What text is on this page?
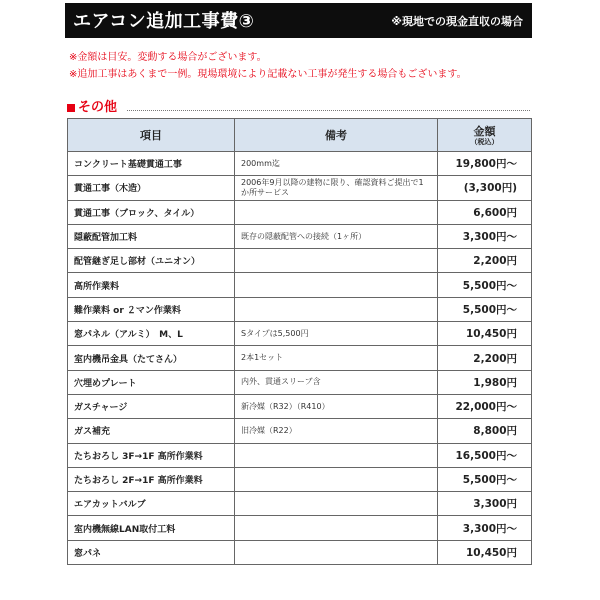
エアコン追加工事費③	※現地での現金直収の場合
※金額は目安。変動する場合がございます。
※追加工事はあくまで一例。現場環境により記載ない工事が発生する場合もございます。
その他
項目	備考	金額
（税込）

コンクリート基礎貫通工事	200mm迄	19,800円～
貫通工事（木造）	2006年9月以降の建物に限り、確認資料ご提出で1か所サービス	(3,300円)
貫通工事（ブロック、タイル）		6,600円
隠蔽配管加工料	既存の隠蔽配管への接続（1ヶ所）	3,300円～
配管継ぎ足し部材（ユニオン）		2,200円
高所作業料		5,500円～
難作業料 or ２マン作業料		5,500円～
窓パネル（アルミ）　M、L	Sタイプは5,500円	10,450円
室内機吊金具（たてさん）	2本1セット	2,200円
穴埋めプレート	内外、貫通スリーブ含	1,980円
ガスチャージ	新冷媒（R32）（R410）	22,000円～
ガス補充	旧冷媒（R22）	8,800円
たちおろし 3F→1F 高所作業料		16,500円～
たちおろし 2F→1F 高所作業料		5,500円～
エアカットバルブ		3,300円
室内機無線LAN取付工料		3,300円～
窓パネ		10,450円
